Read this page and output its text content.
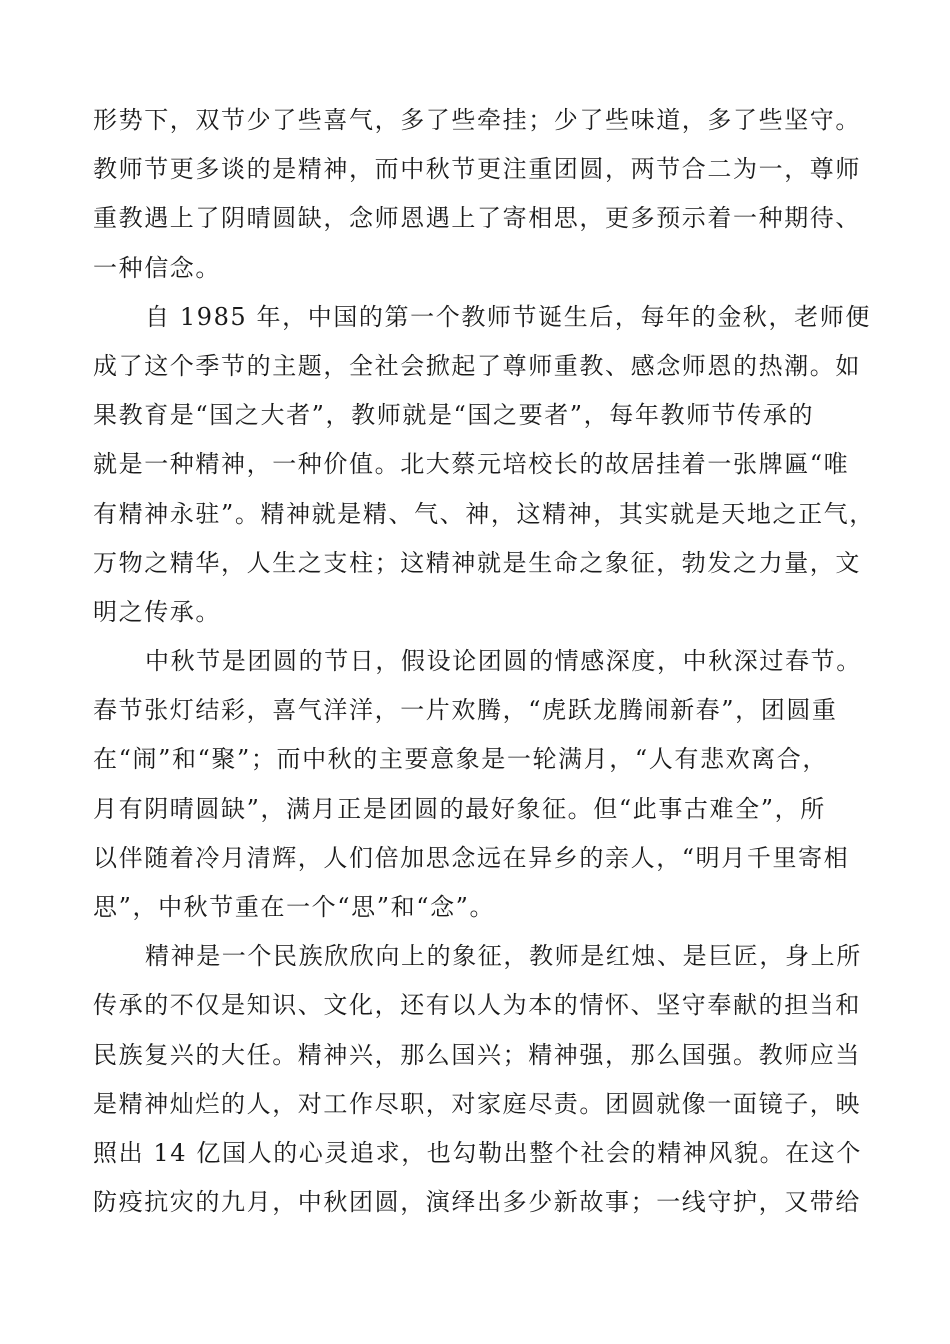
形势下，双节少了些喜气，多了些牵挂；少了些味道，多了些坚守。
教师节更多谈的是精神，而中秋节更注重团圆，两节合二为一，尊师
重教遇上了阴晴圆缺，念师恩遇上了寄相思，更多预示着一种期待、
一种信念。
自 1985 年，中国的第一个教师节诞生后，每年的金秋，老师便
成了这个季节的主题，全社会掀起了尊师重教、感念师恩的热潮。如
果教育是“国之大者”，教师就是“国之要者”，每年教师节传承的
就是一种精神，一种价值。北大蔡元培校长的故居挂着一张牌匾“唯
有精神永驻”。精神就是精、气、神，这精神，其实就是天地之正气，
万物之精华，人生之支柱；这精神就是生命之象征，勃发之力量，文
明之传承。
中秋节是团圆的节日，假设论团圆的情感深度，中秋深过春节。
春节张灯结彩，喜气洋洋，一片欢腾，“虎跃龙腾闹新春”，团圆重
在“闹”和“聚”；而中秋的主要意象是一轮满月，“人有悲欢离合，
月有阴晴圆缺”，满月正是团圆的最好象征。但“此事古难全”，所
以伴随着冷月清辉，人们倍加思念远在异乡的亲人，“明月千里寄相
思”，中秋节重在一个“思”和“念”。
精神是一个民族欣欣向上的象征，教师是红烛、是巨匠，身上所
传承的不仅是知识、文化，还有以人为本的情怀、坚守奉献的担当和
民族复兴的大任。精神兴，那么国兴；精神强，那么国强。教师应当
是精神灿烂的人，对工作尽职，对家庭尽责。团圆就像一面镜子，映
照出 14 亿国人的心灵追求，也勾勒出整个社会的精神风貌。在这个
防疫抗灾的九月，中秋团圆，演绎出多少新故事；一线守护，又带给
